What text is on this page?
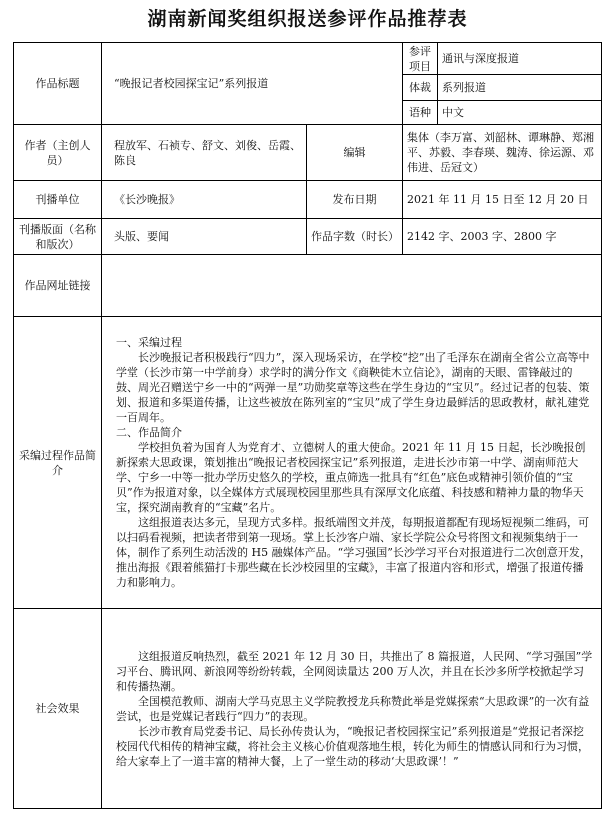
湖南新闻奖组织报送参评作品推荐表
作品标题	“晚报记者校园探宝记”系列报道		参评项目	通讯与深度报道
			体裁	系列报道
			语种	中文
作者（主创人员）	程放军、石祯专、舒文、刘俊、岳霞、陈良	编辑	集体（李万富、刘韶林、谭琳静、郑湘平、苏毅、李春瑛、魏涛、徐运源、邓伟进、岳冠文）	
刊播单位	《长沙晚报》	发布日期	2021 年 11 月 15 日至 12 月 20 日	
刊播版面（名称和版次）	头版、要闻	作品字数（时长）	2142 字、2003 字、2800 字	
作品网址链接				
采编过程作品简介	一、采编过程

长沙晚报记者积极践行“四力”，深入现场采访，在学校“挖”出了毛泽东在湖南全省公立高等中学堂（长沙市第一中学前身）求学时的满分作文《商鞅徙木立信论》，湖南的天眼、雷锋敲过的鼓、周光召赠送宁乡一中的“两弹一星”功勋奖章等这些在学生身边的“宝贝”。经过记者的包装、策划、报道和多渠道传播，让这些被放在陈列室的“宝贝”成了学生身边最鲜活的思政教材，献礼建党一百周年。

二、作品简介

学校担负着为国育人为党育才、立德树人的重大使命。2021 年 11 月 15 日起，长沙晚报创新探索大思政课，策划推出“晚报记者校园探宝记”系列报道，走进长沙市第一中学、湖南师范大学、宁乡一中等一批办学历史悠久的学校，重点筛选一批具有“红色”底色或精神引领价值的“宝贝”作为报道对象，以全媒体方式展现校园里那些具有深厚文化底蕴、科技感和精神力量的物华天宝，探究湖南教育的“宝藏”名片。

这组报道表达多元，呈现方式多样。报纸端图文并茂，每期报道都配有现场短视频二维码，可以扫码看视频，把读者带到第一现场。掌上长沙客户端、家长学院公众号将图文和视频集纳于一体，制作了系列生动活泼的 H5 融媒体产品。“学习强国”长沙学习平台对报道进行二次创意开发，推出海报《跟着熊猫打卡那些藏在长沙校园里的宝藏》，丰富了报道内容和形式，增强了报道传播力和影响力。			

社会效果	这组报道反响热烈，截至 2021 年 12 月 30 日，共推出了 8 篇报道，人民网、“学习强国”学习平台、腾讯网、新浪网等纷纷转载，全网阅读量达 200 万人次，并且在长沙多所学校掀起学习和传播热潮。

全国模范教师、湖南大学马克思主义学院教授龙兵称赞此举是党媒探索“大思政课”的一次有益尝试，也是党媒记者践行“四力”的表现。

长沙市教育局党委书记、局长孙传贵认为，“晚报记者校园探宝记”系列报道是“党报记者深挖校园代代相传的精神宝藏，将社会主义核心价值观落地生根，转化为师生的情感认同和行为习惯，给大家奉上了一道丰富的精神大餐，上了一堂生动的移动‘大思政课’！”			
